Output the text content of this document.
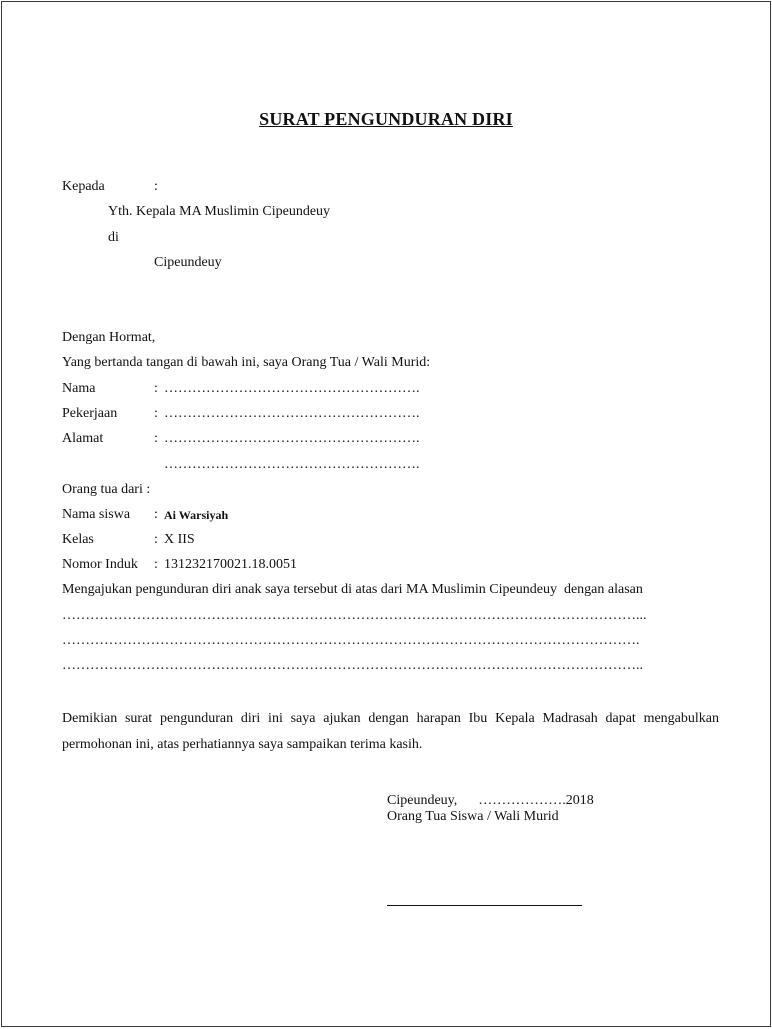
SURAT PENGUNDURAN DIRI
Kepada	:
Yth. Kepala MA Muslimin Cipeundeuy
di
Cipeundeuy
Dengan Hormat,
Yang bertanda tangan di bawah ini, saya Orang Tua / Wali Murid:
Nama	: ……………………………………………….
Pekerjaan	: ……………………………………………….
Alamat	: ……………………………………………….
……………………………………………….
Orang tua dari :
Nama siswa : Ai Warsiyah
Kelas	: X IIS
Nomor Induk : 131232170021.18.0051
Mengajukan pengunduran diri anak saya tersebut di atas dari MA Muslimin Cipeundeuy  dengan alasan
……………………………………………………………………………………………………………...
…………………………………………………………………………………………………………….
……………………………………………………………………………………………………………..
Demikian surat pengunduran diri ini saya ajukan dengan harapan Ibu Kepala Madrasah dapat mengabulkan permohonan ini, atas perhatiannya saya sampaikan terima kasih.
Cipeundeuy,      ……………….2018
Orang Tua Siswa / Wali Murid
